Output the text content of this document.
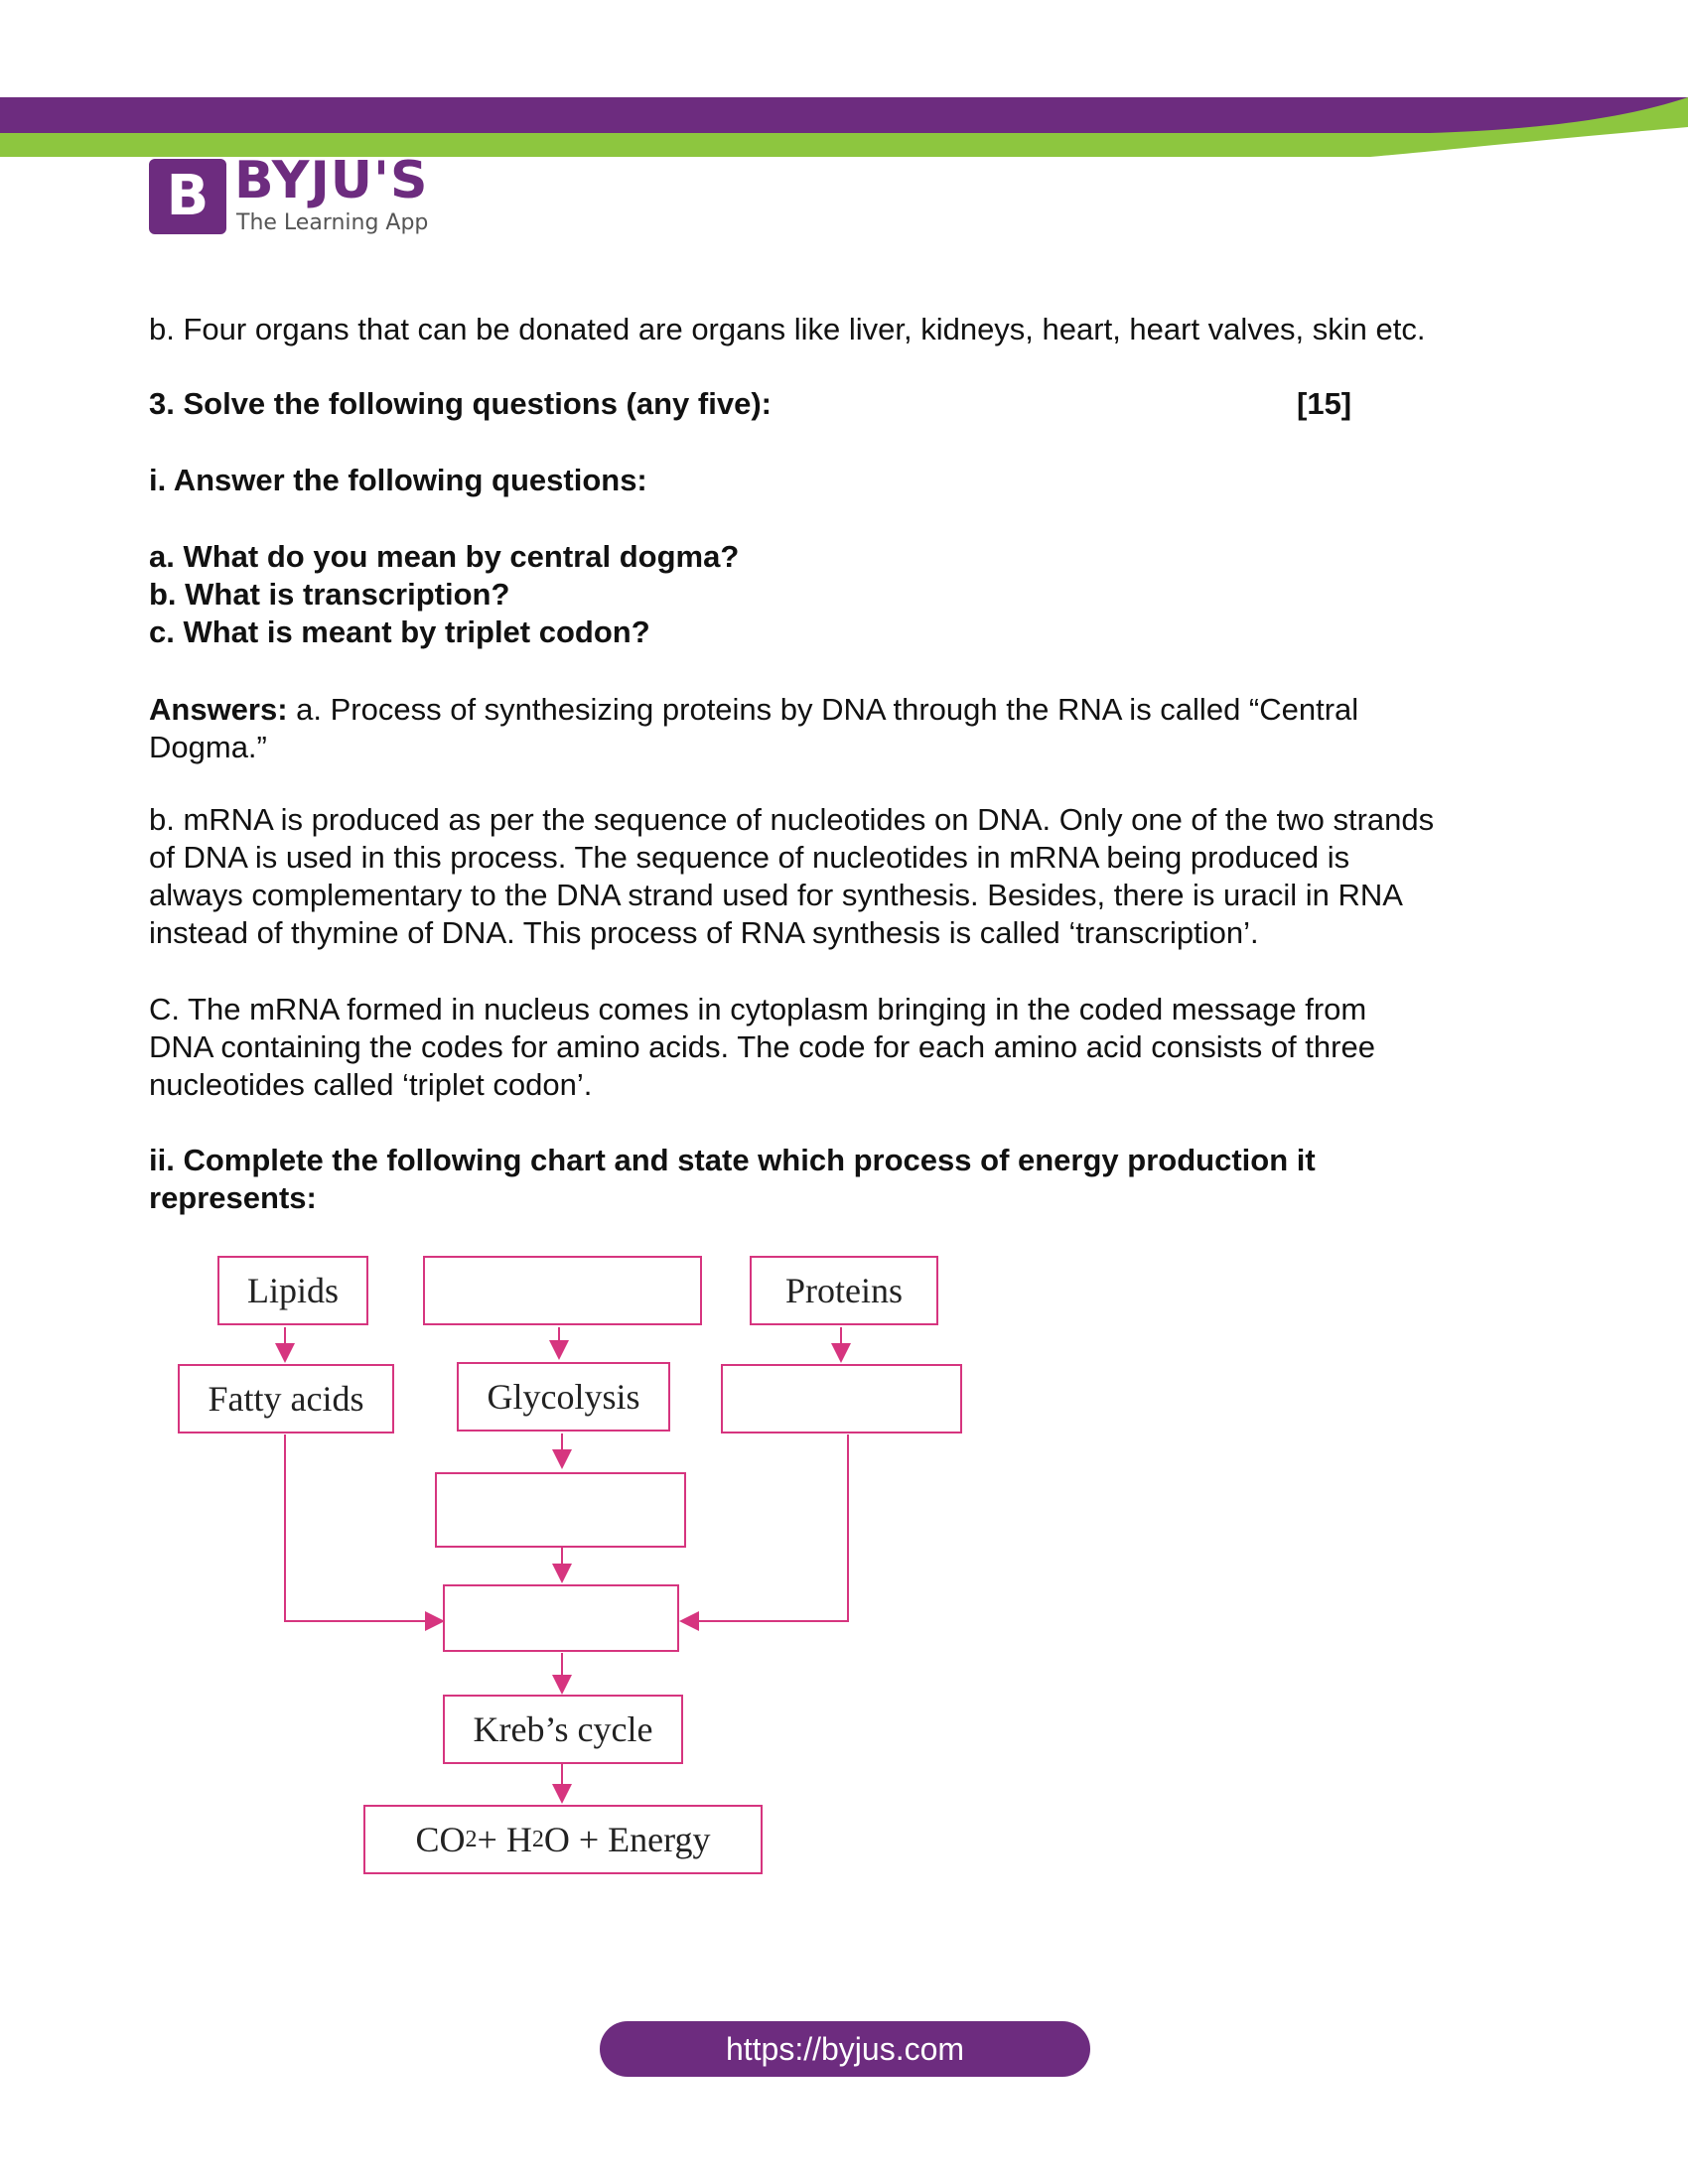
B BYJU'S
The Learning App
b. Four organs that can be donated are organs like liver, kidneys, heart, heart valves, skin etc.
3. Solve the following questions (any five):	[15]
i. Answer the following questions:
a. What do you mean by central dogma?
b. What is transcription?
c. What is meant by triplet codon?
Answers: a. Process of synthesizing proteins by DNA through the RNA is called “Central
Dogma.”
b. mRNA is produced as per the sequence of nucleotides on DNA. Only one of the two strands
of DNA is used in this process. The sequence of nucleotides in mRNA being produced is
always complementary to the DNA strand used for synthesis. Besides, there is uracil in RNA
instead of thymine of DNA. This process of RNA synthesis is called ‘transcription’.
C. The mRNA formed in nucleus comes in cytoplasm bringing in the coded message from
DNA containing the codes for amino acids. The code for each amino acid consists of three
nucleotides called ‘triplet codon’.
ii. Complete the following chart and state which process of energy production it
represents:
Lipids	Proteins
Fatty acids	Glycolysis
Kreb’s cycle
CO 2 + H 2 O + Energy
https://byjus.com
